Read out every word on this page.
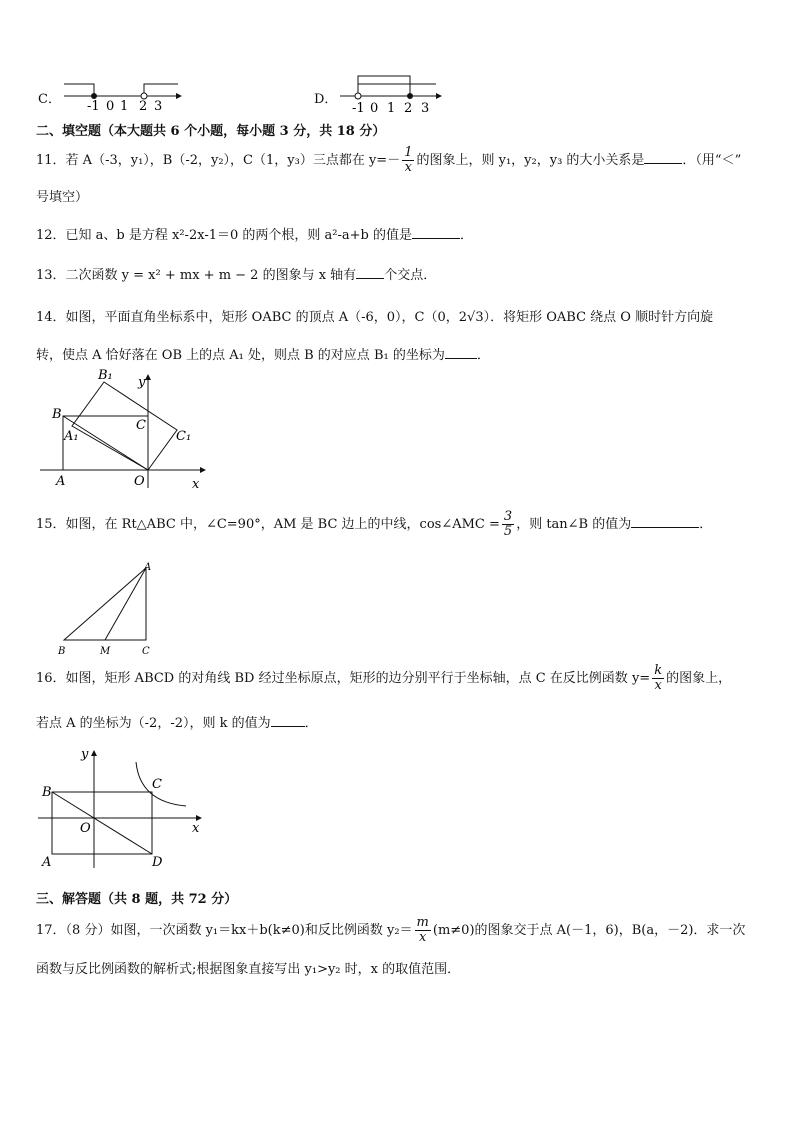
C． -1 0 1 2 3	D．
-1 0 1 2 3
二、填空题（本大题共 6 个小题，每小题 3 分，共 18 分）
11．若 A（-3，y₁），B（-2，y₂），C（1，y₃）三点都在 $y=- \frac{1}{x}$ 的图象上，则 y₁，y₂，y₃ 的大小关系是	．（用“＜”
号填空）
12．已知 a、b 是方程 x²-2x-1＝0 的两个根，则 a²-a+b 的值是	．
13．二次函数 y = x² + mx + m − 2 的图象与 x 轴有 个交点．
14．如图，平面直角坐标系中，矩形 OABC 的顶点 A（-6，0），C（0，2√3）．将矩形 OABC 绕点 O 顺时针方向旋
转，使点 A 恰好落在 OB 上的点 A₁ 处，则点 B 的对应点 B₁ 的坐标为 ．
B₁ y
B
C
A₁	C₁
A	O	x
15．如图，在 Rt△ABC 中，∠C=90°，AM 是 BC 边上的中线，cos∠AMC = $\frac{3}{5}$ ，则 tan∠B 的值为	．
A
B	M	C
16．如图，矩形 ABCD 的对角线 BD 经过坐标原点，矩形的边分别平行于坐标轴，点 C 在反比例函数 $y= \frac{k}{x}$ 的图象上，
若点 A 的坐标为（-2，-2），则 k 的值为	．
y
C
B
O	x
A	D
三、解答题（共 8 题，共 72 分）
17．（8 分）如图，一次函数 y₁＝kx＋b(k≠0)和反比例函数 $y_2= \frac{m}{x} (m\ne 0)$的图象交于点 A(－1，6)，B(a，－2)．求一次
函数与反比例函数的解析式;根据图象直接写出 y₁>y₂ 时，x 的取值范围．
